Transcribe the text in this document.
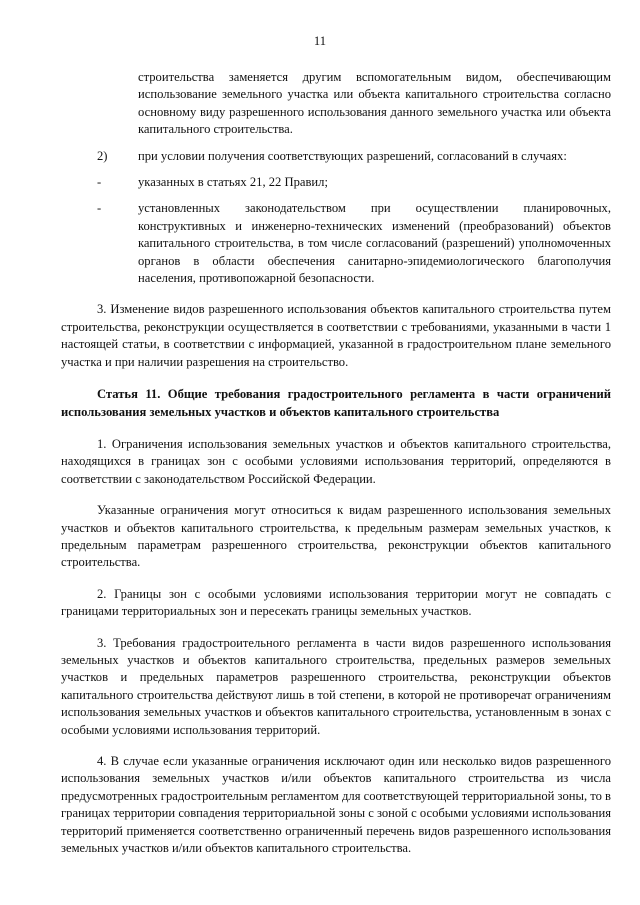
11

строительства заменяется другим вспомогательным видом, обеспечивающим использование земельного участка или объекта капитального строительства согласно основному виду разрешенного использования данного земельного участка или объекта капитального строительства.

2)	при условии получения соответствующих разрешений, согласований в случаях:
-	указанных в статьях 21, 22 Правил;
-	установленных законодательством при осуществлении планировочных, конструктивных и инженерно-технических изменений (преобразований) объектов капитального строительства, в том числе согласований (разрешений) уполномоченных органов в области обеспечения санитарно-эпидемиологического благополучия населения, противопожарной безопасности.

3. Изменение видов разрешенного использования объектов капитального строительства путем строительства, реконструкции осуществляется в соответствии с требованиями, указанными в части 1 настоящей статьи, в соответствии с информацией, указанной в градостроительном плане земельного участка и при наличии разрешения на строительство.

Статья 11. Общие требования градостроительного регламента в части ограничений использования земельных участков и объектов капитального строительства

1. Ограничения использования земельных участков и объектов капитального строительства, находящихся в границах зон с особыми условиями использования территорий, определяются в соответствии с законодательством Российской Федерации.

Указанные ограничения могут относиться к видам разрешенного использования земельных участков и объектов капитального строительства, к предельным размерам земельных участков, к предельным параметрам разрешенного строительства, реконструкции объектов капитального строительства.

2. Границы зон с особыми условиями использования территории могут не совпадать с границами территориальных зон и пересекать границы земельных участков.

3. Требования градостроительного регламента в части видов разрешенного использования земельных участков и объектов капитального строительства, предельных размеров земельных участков и предельных параметров разрешенного строительства, реконструкции объектов капитального строительства действуют лишь в той степени, в которой не противоречат ограничениям использования земельных участков и объектов капитального строительства, установленным в зонах с особыми условиями использования территорий.

4. В случае если указанные ограничения исключают один или несколько видов разрешенного использования земельных участков и/или объектов капитального строительства из числа предусмотренных градостроительным регламентом для соответствующей территориальной зоны, то в границах территории совпадения территориальной зоны с зоной с особыми условиями использования территорий применяется соответственно ограниченный перечень видов разрешенного использования земельных участков и/или объектов капитального строительства.
